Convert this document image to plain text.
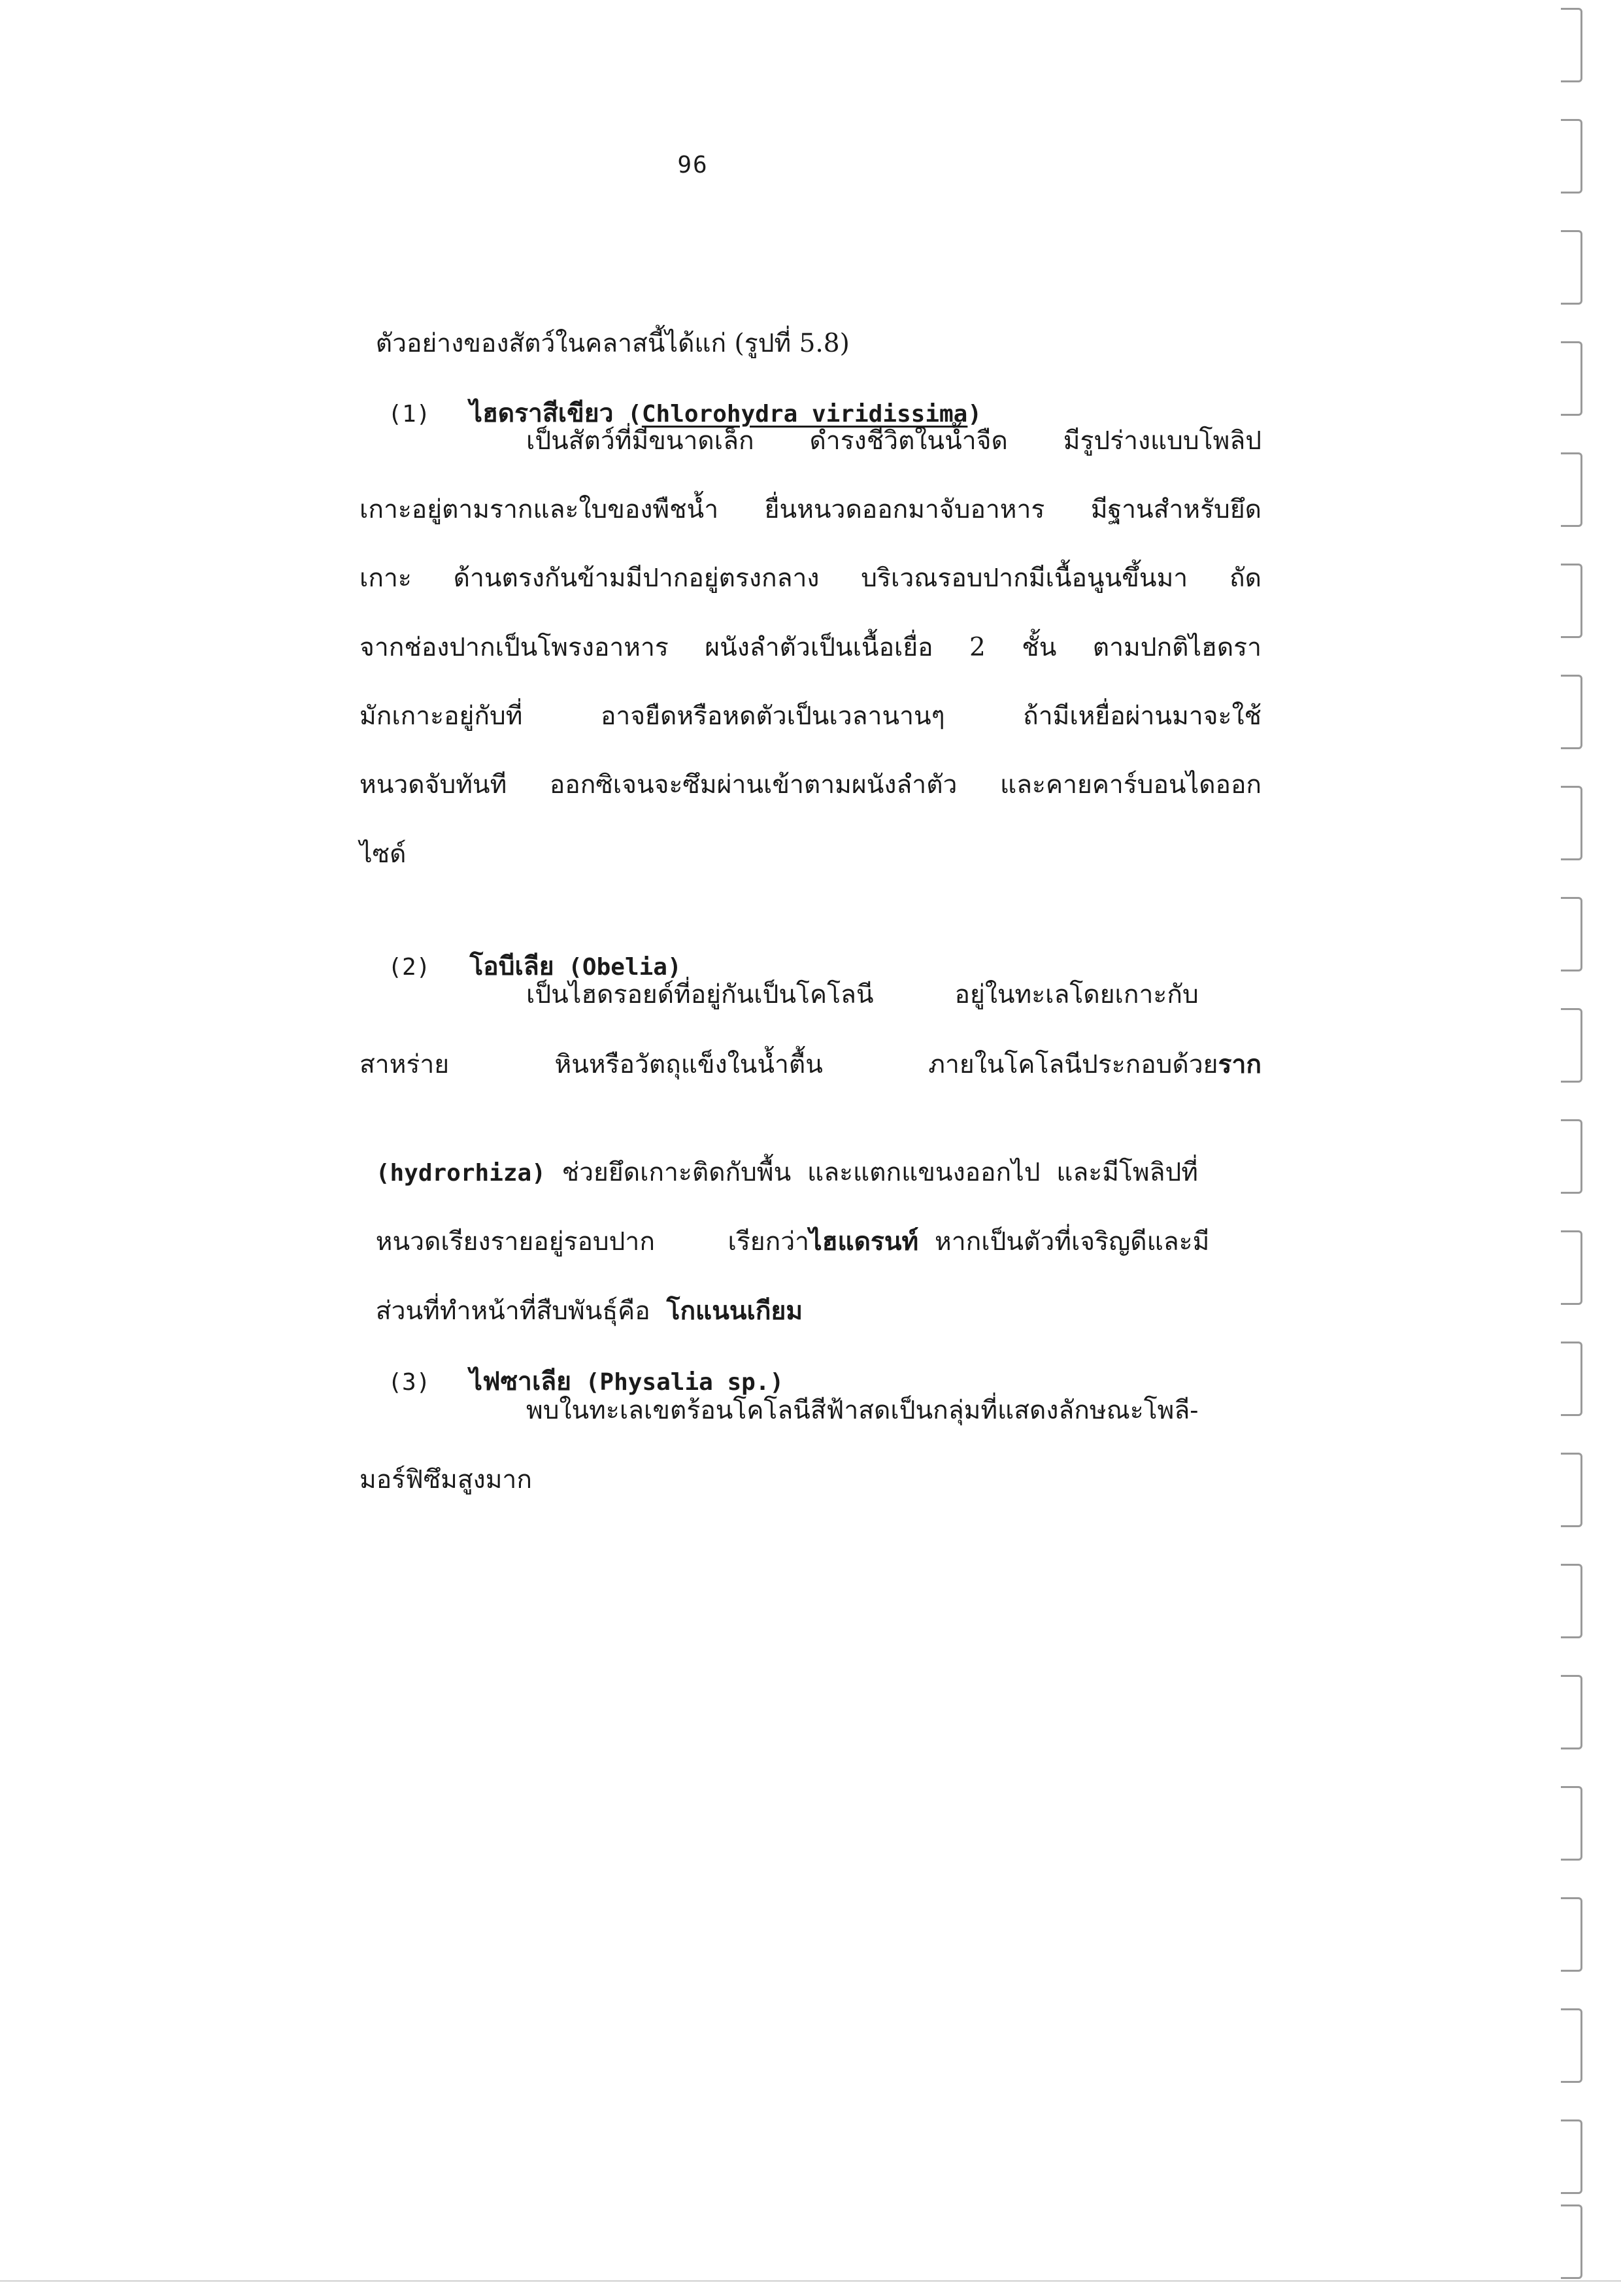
96

ตัวอย่างของสัตว์ในคลาสนี้ได้แก่ (รูปที่ 5.8)

(1) ไฮดราสีเขียว (Chlorohydra viridissima)

เป็นสัตว์ที่มีขนาดเล็ก ดำรงชีวิตในน้ำจืด มีรูปร่างแบบโพลิป
เกาะอยู่ตามรากและใบของพืชน้ำ ยื่นหนวดออกมาจับอาหาร มีฐานสำหรับยึด
เกาะ ด้านตรงกันข้ามมีปากอยู่ตรงกลาง บริเวณรอบปากมีเนื้อนูนขึ้นมา ถัด
จากช่องปากเป็นโพรงอาหาร ผนังลำตัวเป็นเนื้อเยื่อ 2 ชั้น ตามปกติไฮดรา
มักเกาะอยู่กับที่ อาจยืดหรือหดตัวเป็นเวลานานๆ ถ้ามีเหยื่อผ่านมาจะใช้
หนวดจับทันที ออกซิเจนจะซึมผ่านเข้าตามผนังลำตัว และคายคาร์บอนไดออก
ไซด์

(2) โอบีเลีย (Obelia)

เป็นไฮดรอยด์ที่อยู่กันเป็นโคโลนี          อยู่ในทะเลโดยเกาะกับ
สาหร่าย หินหรือวัตถุแข็งในน้ำตื้น ภายในโคโลนีประกอบด้วยราก

(hydrorhiza)  ช่วยยึดเกาะติดกับพื้น  และแตกแขนงออกไป  และมีโพลิปที่

หนวดเรียงรายอยู่รอบปาก         เรียกว่าไฮแดรนท์  หากเป็นตัวที่เจริญดีและมี

ส่วนที่ทำหน้าที่สืบพันธุ์คือ  โกแนนเกียม

(3) ไฟซาเลีย (Physalia sp.)

พบในทะเลเขตร้อนโคโลนีสีฟ้าสดเป็นกลุ่มที่แสดงลักษณะโพลี-
มอร์ฟิซึมสูงมาก
